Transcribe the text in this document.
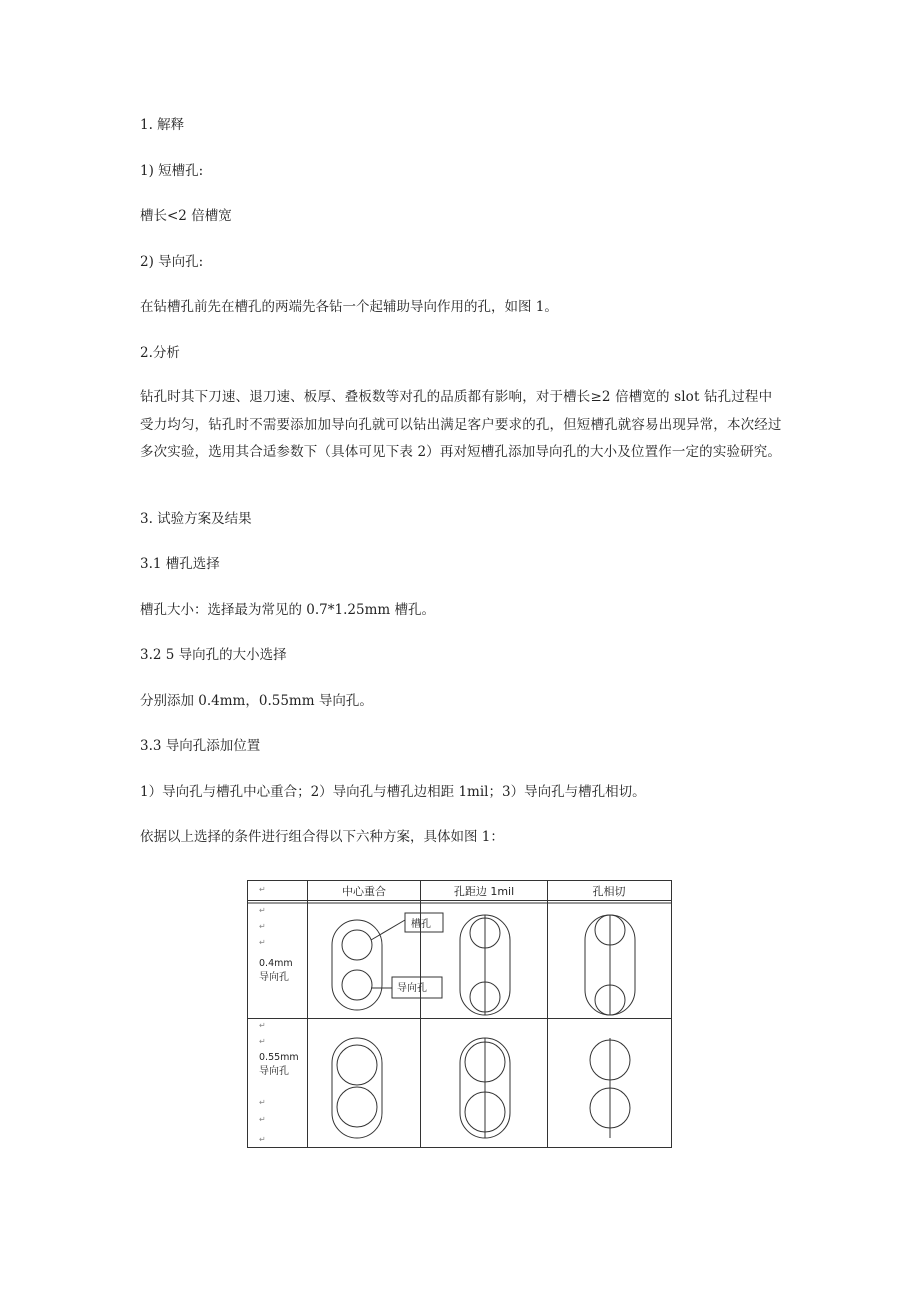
1. 解释
1) 短槽孔:
槽长<2 倍槽宽
2) 导向孔:
在钻槽孔前先在槽孔的两端先各钻一个起辅助导向作用的孔，如图 1。
2.分析
钻孔时其下刀速、退刀速、板厚、叠板数等对孔的品质都有影响，对于槽长≥2 倍槽宽的 slot 钻孔过程中受力均匀，钻孔时不需要添加加导向孔就可以钻出满足客户要求的孔，但短槽孔就容易出现异常，本次经过多次实验，选用其合适参数下（具体可见下表 2）再对短槽孔添加导向孔的大小及位置作一定的实验研究。
3. 试验方案及结果
3.1 槽孔选择
槽孔大小：选择最为常见的 0.7*1.25mm 槽孔。
3.2 5 导向孔的大小选择
分别添加 0.4mm，0.55mm 导向孔。
3.3 导向孔添加位置
1）导向孔与槽孔中心重合；2）导向孔与槽孔边相距 1mil；3）导向孔与槽孔相切。
依据以上选择的条件进行组合得以下六种方案，具体如图 1：
中心重合	孔距边 1mil	孔相切
↵
↵
↵
↵
↵
↵
↵
↵
↵
0.4mm
导向孔
0.55mm
导向孔
槽孔
导向孔
